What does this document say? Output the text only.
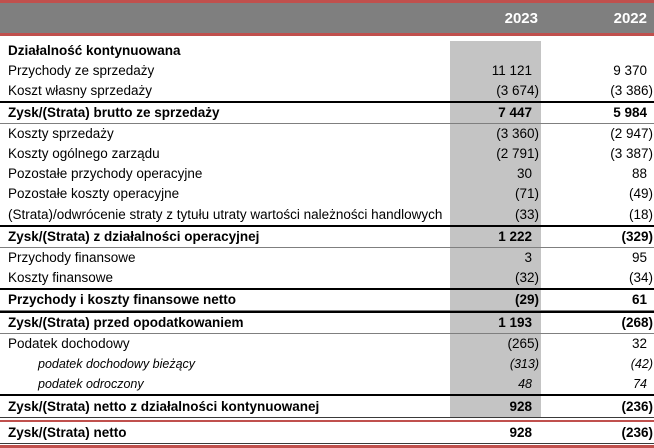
2023	2022
Działalność kontynuowana
Przychody ze sprzedaży	11 121	9 370
Koszt własny sprzedaży	(3 674)	(3 386)
Zysk/(Strata) brutto ze sprzedaży	7 447	5 984
Koszty sprzedaży	(3 360)	(2 947)
Koszty ogólnego zarządu	(2 791)	(3 387)
Pozostałe przychody operacyjne	30	88
Pozostałe koszty operacyjne	(71)	(49)
(Strata)/odwrócenie straty z tytułu utraty wartości należności handlowych	(33)	(18)
Zysk/(Strata) z działalności operacyjnej	1 222	(329)
Przychody finansowe	3	95
Koszty finansowe	(32)	(34)
Przychody i koszty finansowe netto	(29)	61
Zysk/(Strata) przed opodatkowaniem	1 193	(268)
Podatek dochodowy	(265)	32
podatek dochodowy bieżący	(313)	(42)
podatek odroczony	48	74
Zysk/(Strata) netto z działalności kontynuowanej	928	(236)
Zysk/(Strata) netto	928	(236)
